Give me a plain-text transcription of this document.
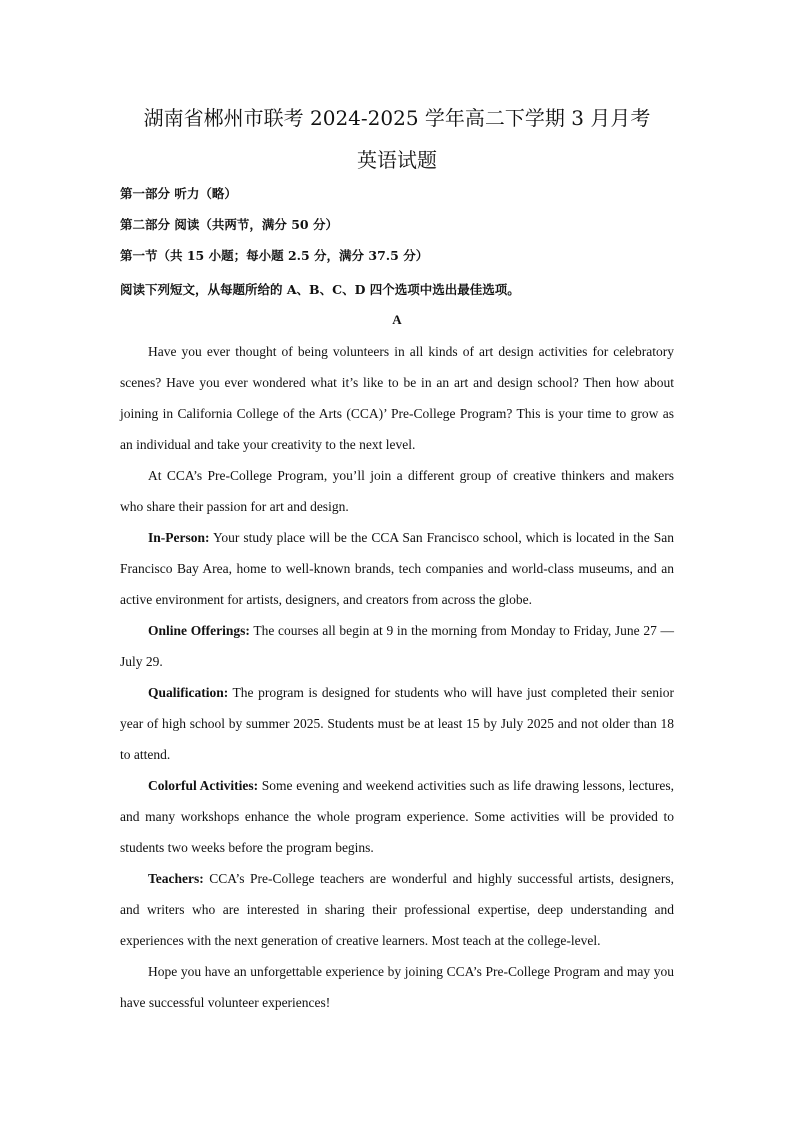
湖南省郴州市联考 2024-2025 学年高二下学期 3 月月考
英语试题
第一部分 听力（略）
第二部分 阅读（共两节，满分 50 分）
第一节（共 15 小题；每小题 2.5 分，满分 37.5 分）
阅读下列短文，从每题所给的 A、B、C、D 四个选项中选出最佳选项。
A

Have you ever thought of being volunteers in all kinds of art design activities for celebratory scenes? Have you ever wondered what it’s like to be in an art and design school? Then how about joining in California College of the Arts (CCA)’ Pre-College Program? This is your time to grow as an individual and take your creativity to the next level.

At CCA’s Pre-College Program, you’ll join a different group of creative thinkers and makers who share their passion for art and design.

In-Person: Your study place will be the CCA San Francisco school, which is located in the San Francisco Bay Area, home to well-known brands, tech companies and world-class museums, and an active environment for artists, designers, and creators from across the globe.

Online Offerings: The courses all begin at 9 in the morning from Monday to Friday, June 27 — July 29.

Qualification: The program is designed for students who will have just completed their senior year of high school by summer 2025. Students must be at least 15 by July 2025 and not older than 18 to attend.

Colorful Activities: Some evening and weekend activities such as life drawing lessons, lectures, and many workshops enhance the whole program experience. Some activities will be provided to students two weeks before the program begins.

Teachers: CCA’s Pre-College teachers are wonderful and highly successful artists, designers, and writers who are interested in sharing their professional expertise, deep understanding and experiences with the next generation of creative learners. Most teach at the college-level.

Hope you have an unforgettable experience by joining CCA’s Pre-College Program and may you have successful volunteer experiences!
